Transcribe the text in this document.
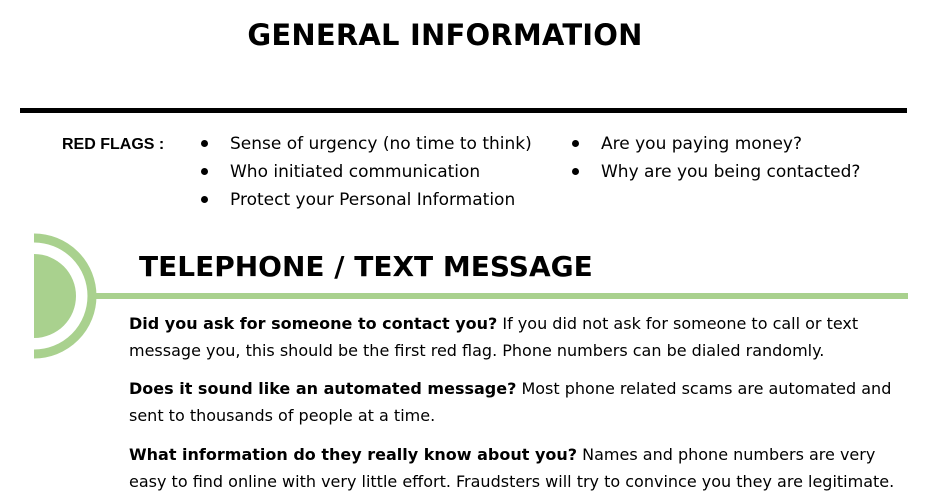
GENERAL INFORMATION
RED FLAGS :	Sense of urgency (no time to think)
Who initiated communication
Protect your Personal Information
Are you paying money?
Why are you being contacted?
TELEPHONE / TEXT MESSAGE

Did you ask for someone to contact you? If you did not ask for someone to call or text message you, this should be the first red flag. Phone numbers can be dialed randomly.

Does it sound like an automated message? Most phone related scams are automated and sent to thousands of people at a time.

What information do they really know about you? Names and phone numbers are very easy to find online with very little effort. Fraudsters will try to convince you they are legitimate.
